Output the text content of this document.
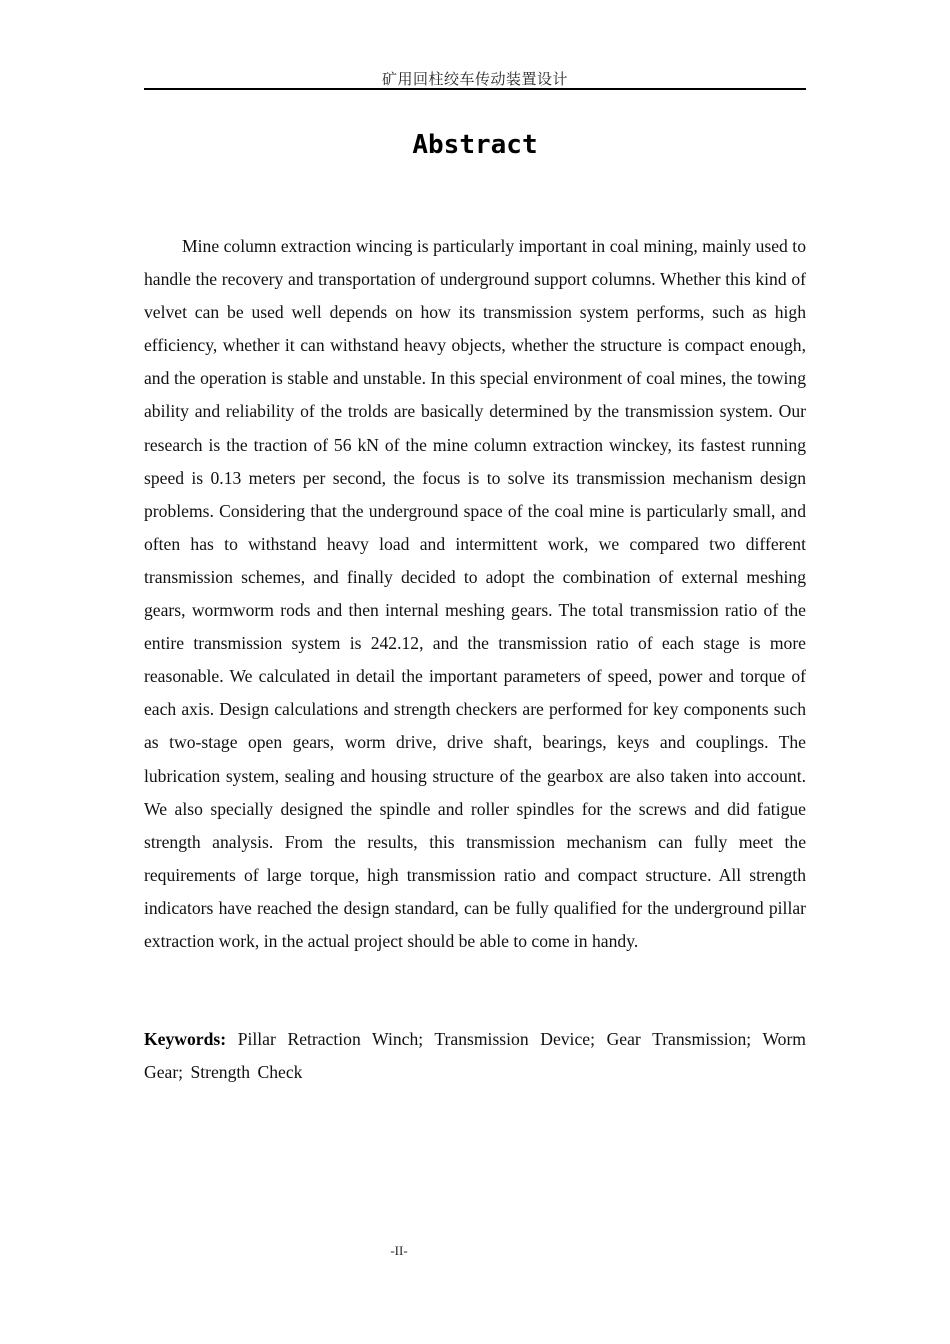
矿用回柱绞车传动装置设计
Abstract

Mine column extraction wincing is particularly important in coal mining, mainly used to handle the recovery and transportation of underground support columns. Whether this kind of velvet can be used well depends on how its transmission system performs, such as high efficiency, whether it can withstand heavy objects, whether the structure is compact enough, and the operation is stable and unstable. In this special environment of coal mines, the towing ability and reliability of the trolds are basically determined by the transmission system. Our research is the traction of 56 kN of the mine column extraction winckey, its fastest running speed is 0.13 meters per second, the focus is to solve its transmission mechanism design problems. Considering that the underground space of the coal mine is particularly small, and often has to withstand heavy load and intermittent work, we compared two different transmission schemes, and finally decided to adopt the combination of external meshing gears, wormworm rods and then internal meshing gears. The total transmission ratio of the entire transmission system is 242.12, and the transmission ratio of each stage is more reasonable. We calculated in detail the important parameters of speed, power and torque of each axis. Design calculations and strength checkers are performed for key components such as two-stage open gears, worm drive, drive shaft, bearings, keys and couplings. The lubrication system, sealing and housing structure of the gearbox are also taken into account. We also specially designed the spindle and roller spindles for the screws and did fatigue strength analysis. From the results, this transmission mechanism can fully meet the requirements of large torque, high transmission ratio and compact structure. All strength indicators have reached the design standard, can be fully qualified for the underground pillar extraction work, in the actual project should be able to come in handy.

Keywords: Pillar Retraction Winch; Transmission Device; Gear Transmission; Worm Gear; Strength Check

-II-
